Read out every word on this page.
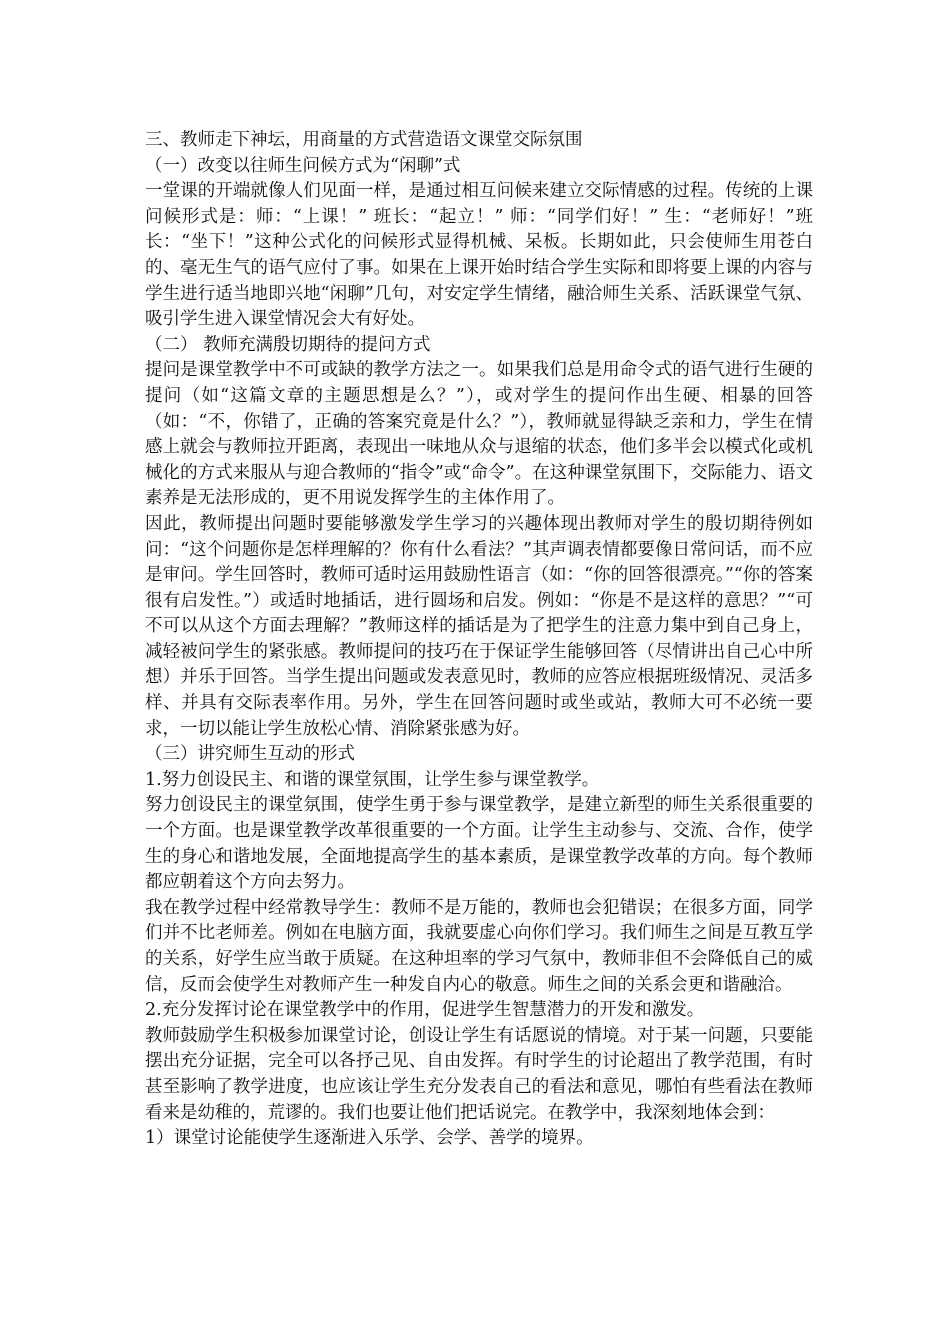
三、教师走下神坛，用商量的方式营造语文课堂交际氛围

（一）改变以往师生问候方式为“闲聊”式

一堂课的开端就像人们见面一样，是通过相互问候来建立交际情感的过程。传统的上课问候形式是：师：“上课！” 班长：“起立！” 师：“同学们好！” 生：“老师好！”班长：“坐下！”这种公式化的问候形式显得机械、呆板。长期如此，只会使师生用苍白的、毫无生气的语气应付了事。如果在上课开始时结合学生实际和即将要上课的内容与学生进行适当地即兴地“闲聊”几句，对安定学生情绪，融洽师生关系、活跃课堂气氛、吸引学生进入课堂情况会大有好处。

（二） 教师充满殷切期待的提问方式

提问是课堂教学中不可或缺的教学方法之一。如果我们总是用命令式的语气进行生硬的提问（如“这篇文章的主题思想是么？”），或对学生的提问作出生硬、相暴的回答（如：“不，你错了，正确的答案究竟是什么？”），教师就显得缺乏亲和力，学生在情感上就会与教师拉开距离，表现出一味地从众与退缩的状态，他们多半会以模式化或机械化的方式来服从与迎合教师的“指令”或“命令”。在这种课堂氛围下，交际能力、语文素养是无法形成的，更不用说发挥学生的主体作用了。

因此，教师提出问题时要能够激发学生学习的兴趣体现出教师对学生的殷切期待例如问：“这个问题你是怎样理解的？你有什么看法？”其声调表情都要像日常问话，而不应是审问。学生回答时，教师可适时运用鼓励性语言（如：“你的回答很漂亮。”“你的答案很有启发性。”）或适时地插话，进行圆场和启发。例如：“你是不是这样的意思？”“可不可以从这个方面去理解？”教师这样的插话是为了把学生的注意力集中到自己身上，减轻被问学生的紧张感。教师提问的技巧在于保证学生能够回答（尽情讲出自己心中所想）并乐于回答。当学生提出问题或发表意见时，教师的应答应根据班级情况、灵活多样、并具有交际表率作用。另外，学生在回答问题时或坐或站，教师大可不必统一要求，一切以能让学生放松心情、消除紧张感为好。

（三）讲究师生互动的形式

1.努力创设民主、和谐的课堂氛围，让学生参与课堂教学。

努力创设民主的课堂氛围，使学生勇于参与课堂教学，是建立新型的师生关系很重要的一个方面。也是课堂教学改革很重要的一个方面。让学生主动参与、交流、合作，使学生的身心和谐地发展，全面地提高学生的基本素质，是课堂教学改革的方向。每个教师都应朝着这个方向去努力。

我在教学过程中经常教导学生：教师不是万能的，教师也会犯错误；在很多方面，同学们并不比老师差。例如在电脑方面，我就要虚心向你们学习。我们师生之间是互教互学的关系，好学生应当敢于质疑。在这种坦率的学习气氛中，教师非但不会降低自己的威信，反而会使学生对教师产生一种发自内心的敬意。师生之间的关系会更和谐融洽。

2.充分发挥讨论在课堂教学中的作用，促进学生智慧潜力的开发和激发。

教师鼓励学生积极参加课堂讨论，创设让学生有话愿说的情境。对于某一问题，只要能摆出充分证据，完全可以各抒己见、自由发挥。有时学生的讨论超出了教学范围，有时甚至影响了教学进度，也应该让学生充分发表自己的看法和意见，哪怕有些看法在教师看来是幼稚的，荒谬的。我们也要让他们把话说完。在教学中，我深刻地体会到：

1）课堂讨论能使学生逐渐进入乐学、会学、善学的境界。
